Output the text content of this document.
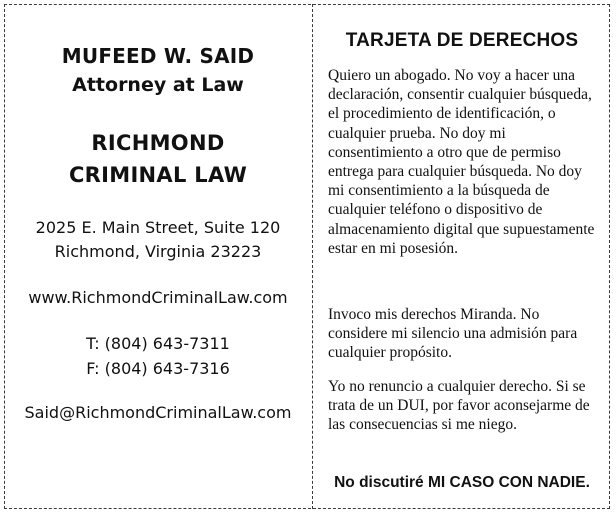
MUFEED W. SAID
Attorney at Law
RICHMOND
CRIMINAL LAW
2025 E. Main Street, Suite 120
Richmond, Virginia 23223
www.RichmondCriminalLaw.com
T: (804) 643-7311
F: (804) 643-7316
Said@RichmondCriminalLaw.com
TARJETA DE DERECHOS

Quiero un abogado. No voy a hacer una declaración, consentir cualquier búsqueda, el procedimiento de identificación, o cualquier prueba. No doy mi consentimiento a otro que de permiso entrega para cualquier búsqueda. No doy mi consentimiento a la búsqueda de cualquier teléfono o dispositivo de almacenamiento digital que supuestamente estar en mi posesión.

Invoco mis derechos Miranda. No considere mi silencio una admisión para cualquier propósito.

Yo no renuncio a cualquier derecho. Si se trata de un DUI, por favor aconsejarme de las consecuencias si me niego.

No discutiré MI CASO CON NADIE.
